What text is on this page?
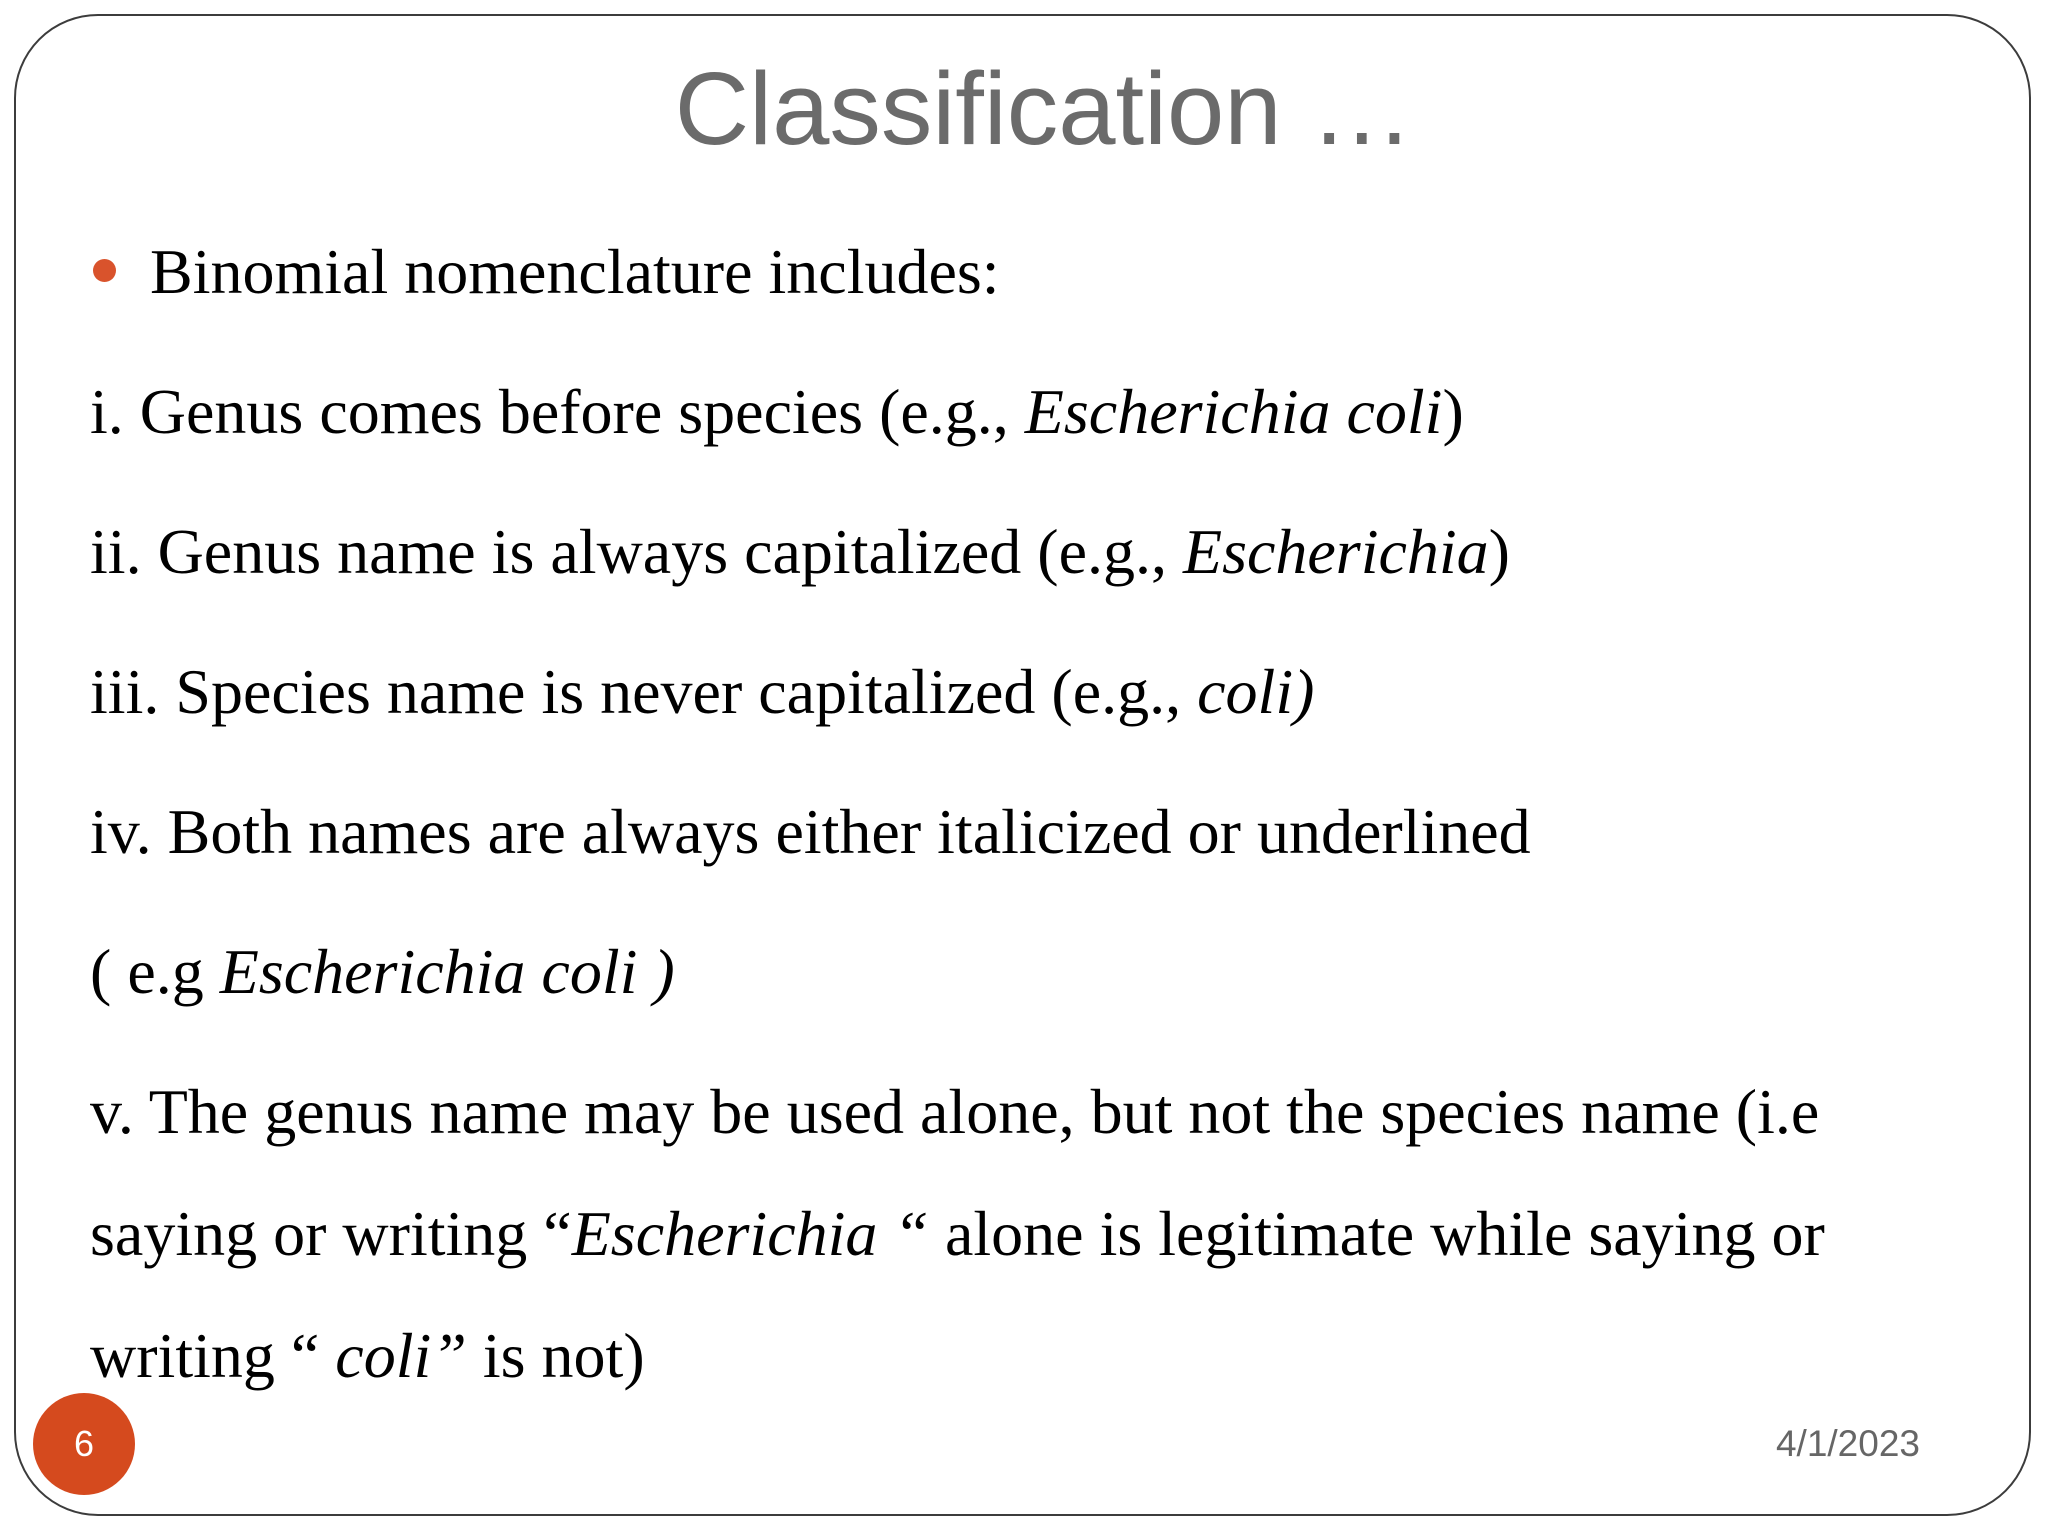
Classification …
Binomial nomenclature includes:
i. Genus comes before species (e.g., Escherichia coli)
ii. Genus name is always capitalized (e.g., Escherichia)
iii. Species name is never capitalized (e.g., coli)
iv. Both names are always either italicized or underlined
( e.g Escherichia coli )
v. The genus name may be used alone, but not the species name (i.e
saying or writing “Escherichia “ alone is legitimate while saying or
writing “ coli” is not)
6	4/1/2023
